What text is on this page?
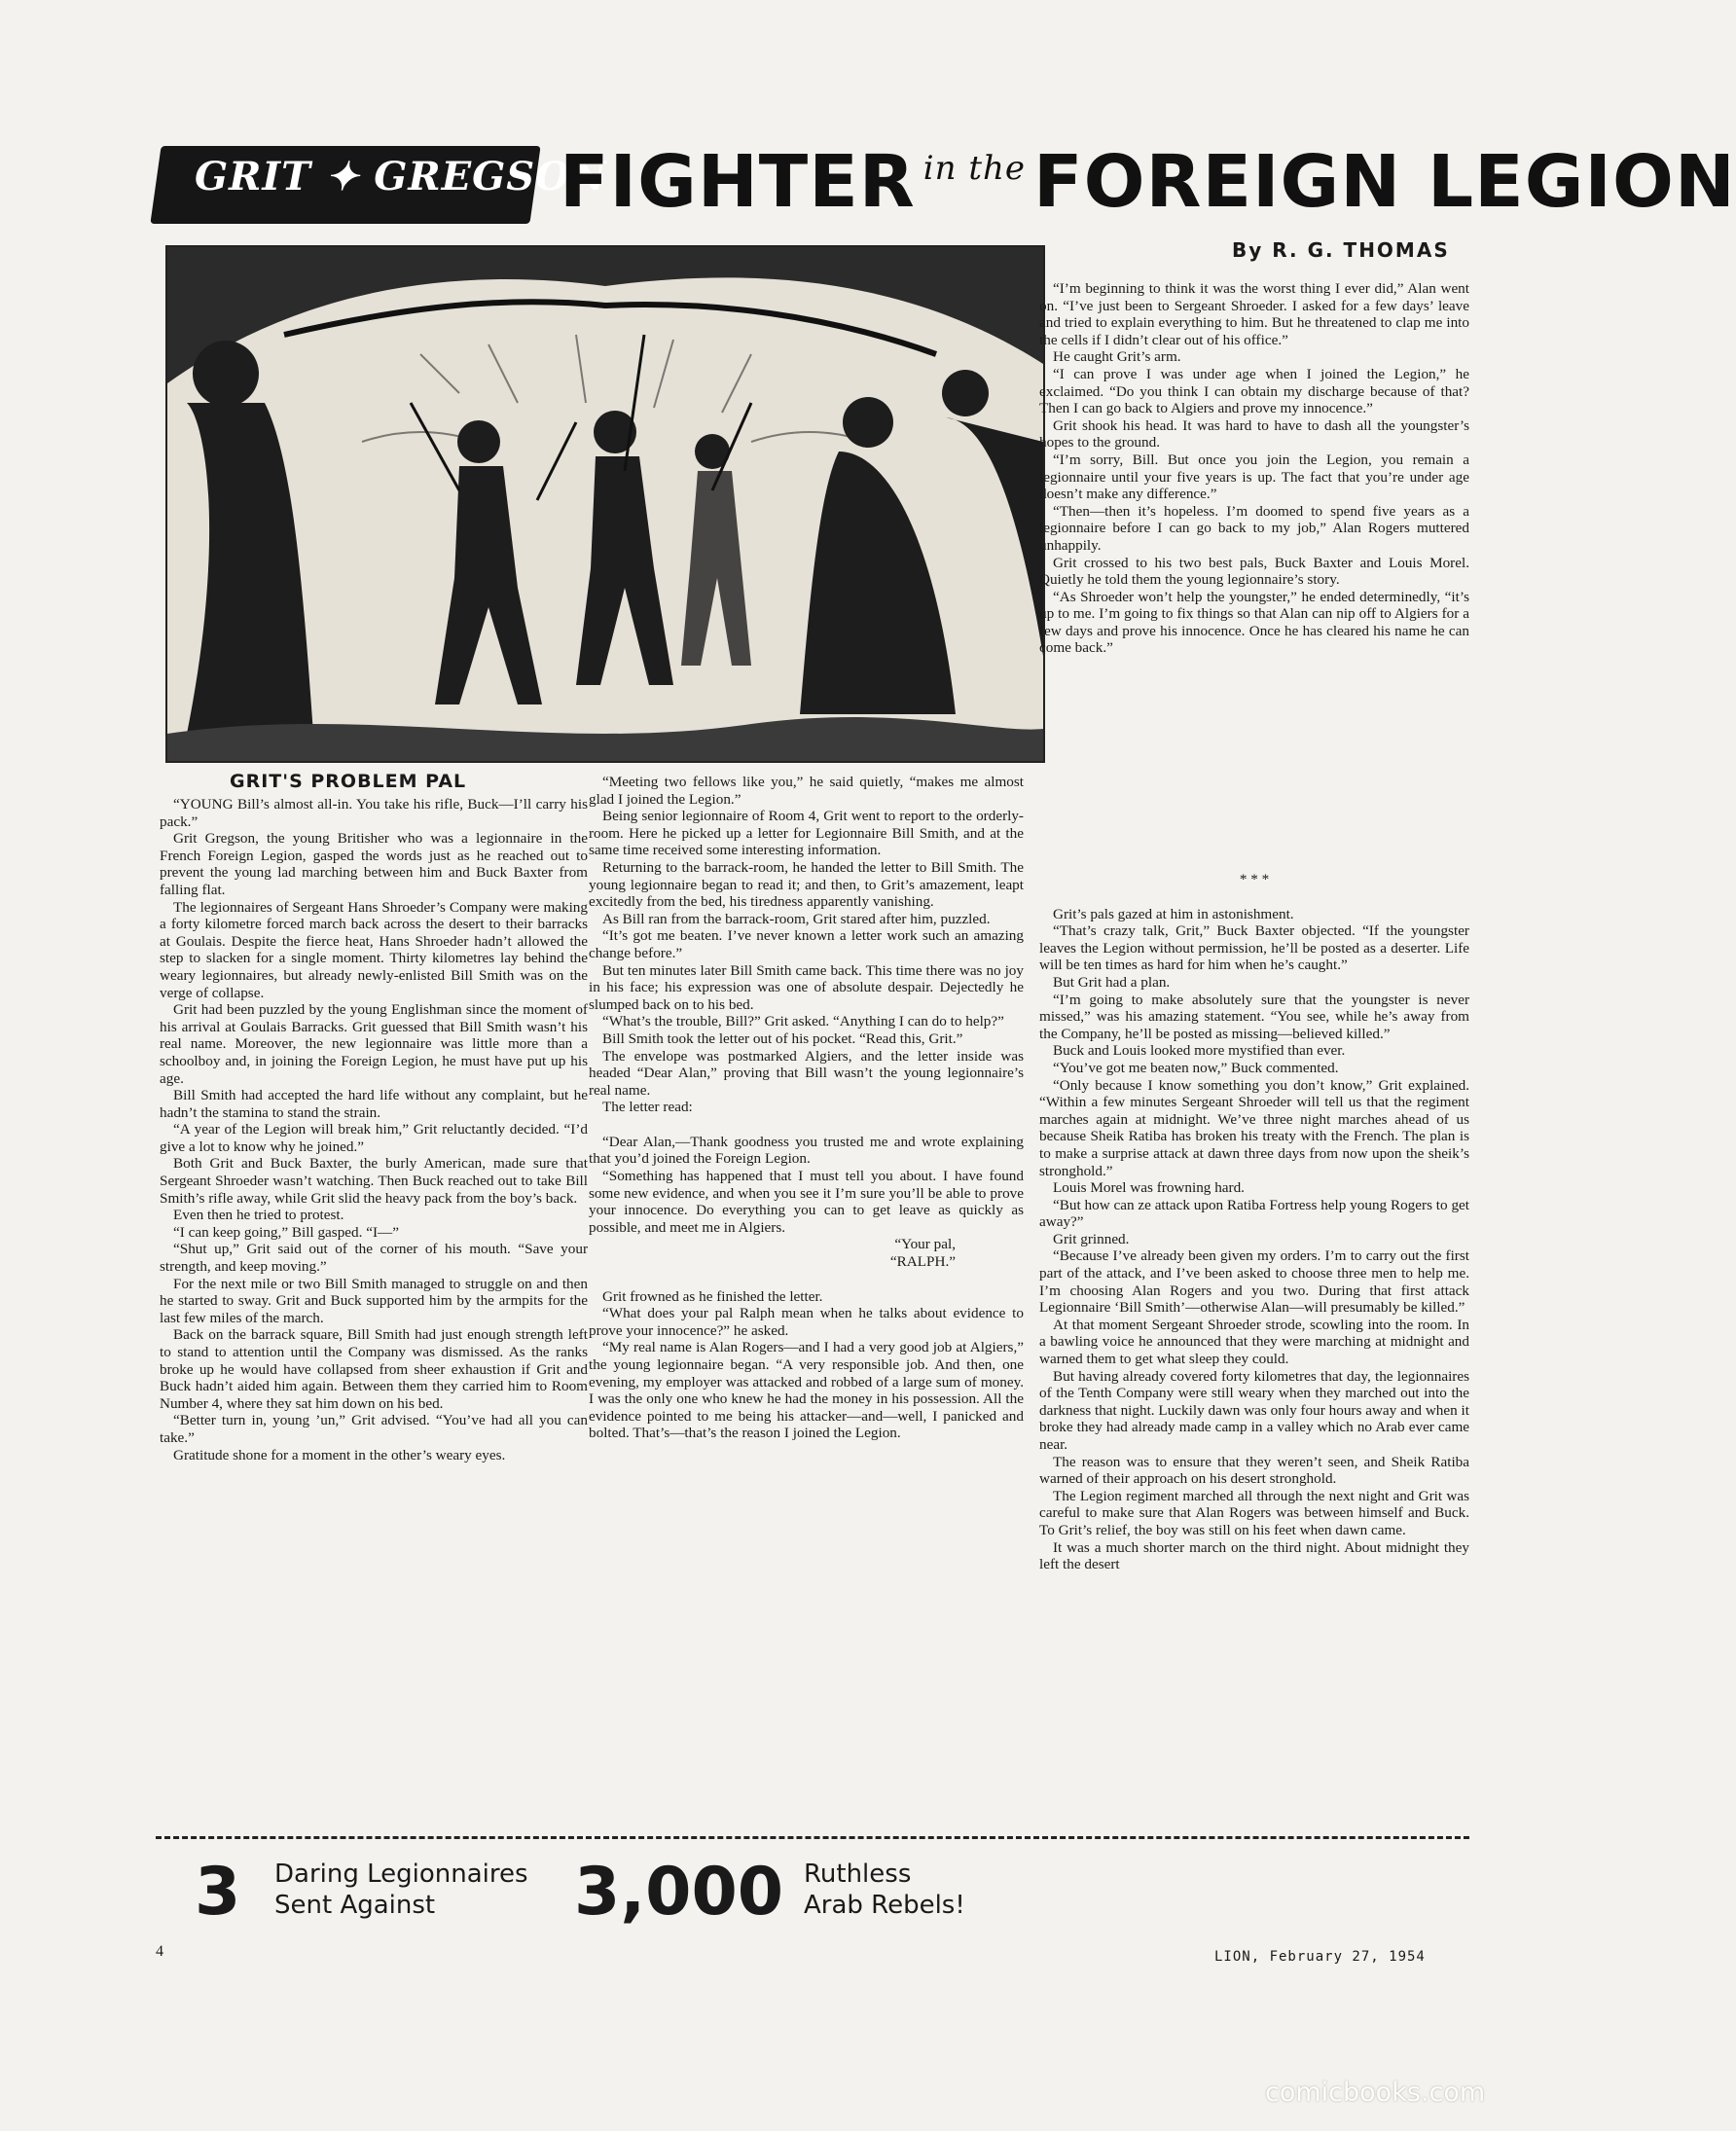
GRIT ✦ GREGSON
FIGHTER $^{in the}$ FOREIGN LEGION
By R. G. THOMAS
GRIT'S PROBLEM PAL

“YOUNG Bill’s almost all-in. You take his rifle, Buck—I’ll carry his pack.”

Grit Gregson, the young Britisher who was a legionnaire in the French Foreign Legion, gasped the words just as he reached out to prevent the young lad marching between him and Buck Baxter from falling flat.

The legionnaires of Sergeant Hans Shroeder’s Company were making a forty kilometre forced march back across the desert to their barracks at Goulais. Despite the fierce heat, Hans Shroeder hadn’t allowed the step to slacken for a single moment. Thirty kilometres lay behind the weary legionnaires, but already newly-enlisted Bill Smith was on the verge of collapse.

Grit had been puzzled by the young Englishman since the moment of his arrival at Goulais Barracks. Grit guessed that Bill Smith wasn’t his real name. Moreover, the new legionnaire was little more than a schoolboy and, in joining the Foreign Legion, he must have put up his age.

Bill Smith had accepted the hard life without any complaint, but he hadn’t the stamina to stand the strain.

“A year of the Legion will break him,” Grit reluctantly decided. “I’d give a lot to know why he joined.”

Both Grit and Buck Baxter, the burly American, made sure that Sergeant Shroeder wasn’t watching. Then Buck reached out to take Bill Smith’s rifle away, while Grit slid the heavy pack from the boy’s back.

Even then he tried to protest.

“I can keep going,” Bill gasped. “I—”

“Shut up,” Grit said out of the corner of his mouth. “Save your strength, and keep moving.”

For the next mile or two Bill Smith managed to struggle on and then he started to sway. Grit and Buck supported him by the armpits for the last few miles of the march.

Back on the barrack square, Bill Smith had just enough strength left to stand to attention until the Company was dismissed. As the ranks broke up he would have collapsed from sheer exhaustion if Grit and Buck hadn’t aided him again. Between them they carried him to Room Number 4, where they sat him down on his bed.

“Better turn in, young ’un,” Grit advised. “You’ve had all you can take.”

Gratitude shone for a moment in the other’s weary eyes.

“Meeting two fellows like you,” he said quietly, “makes me almost glad I joined the Legion.”

Being senior legionnaire of Room 4, Grit went to report to the orderly-room. Here he picked up a letter for Legionnaire Bill Smith, and at the same time received some interesting information.

Returning to the barrack-room, he handed the letter to Bill Smith. The young legionnaire began to read it; and then, to Grit’s amazement, leapt excitedly from the bed, his tiredness apparently vanishing.

As Bill ran from the barrack-room, Grit stared after him, puzzled.

“It’s got me beaten. I’ve never known a letter work such an amazing change before.”

But ten minutes later Bill Smith came back. This time there was no joy in his face; his expression was one of absolute despair. Dejectedly he slumped back on to his bed.

“What’s the trouble, Bill?” Grit asked. “Anything I can do to help?”

Bill Smith took the letter out of his pocket. “Read this, Grit.”

The envelope was postmarked Algiers, and the letter inside was headed “Dear Alan,” proving that Bill wasn’t the young legionnaire’s real name.

The letter read:

“Dear Alan,—Thank goodness you trusted me and wrote explaining that you’d joined the Foreign Legion.

“Something has happened that I must tell you about. I have found some new evidence, and when you see it I’m sure you’ll be able to prove your innocence. Do everything you can to get leave as quickly as possible, and meet me in Algiers.

“Your pal,

“RALPH.”

Grit frowned as he finished the letter.

“What does your pal Ralph mean when he talks about evidence to prove your innocence?” he asked.

“My real name is Alan Rogers—and I had a very good job at Algiers,” the young legionnaire began. “A very responsible job. And then, one evening, my employer was attacked and robbed of a large sum of money. I was the only one who knew he had the money in his possession. All the evidence pointed to me being his attacker—and—well, I panicked and bolted. That’s—that’s the reason I joined the Legion.

“I’m beginning to think it was the worst thing I ever did,” Alan went on. “I’ve just been to Sergeant Shroeder. I asked for a few days’ leave and tried to explain everything to him. But he threatened to clap me into the cells if I didn’t clear out of his office.”

He caught Grit’s arm.

“I can prove I was under age when I joined the Legion,” he exclaimed. “Do you think I can obtain my discharge because of that? Then I can go back to Algiers and prove my innocence.”

Grit shook his head. It was hard to have to dash all the youngster’s hopes to the ground.

“I’m sorry, Bill. But once you join the Legion, you remain a legionnaire until your five years is up. The fact that you’re under age doesn’t make any difference.”

“Then—then it’s hopeless. I’m doomed to spend five years as a legionnaire before I can go back to my job,” Alan Rogers muttered unhappily.

Grit crossed to his two best pals, Buck Baxter and Louis Morel. Quietly he told them the young legionnaire’s story.

“As Shroeder won’t help the youngster,” he ended determinedly, “it’s up to me. I’m going to fix things so that Alan can nip off to Algiers for a few days and prove his innocence. Once he has cleared his name he can come back.”

* * *

Grit’s pals gazed at him in astonishment.

“That’s crazy talk, Grit,” Buck Baxter objected. “If the youngster leaves the Legion without permission, he’ll be posted as a deserter. Life will be ten times as hard for him when he’s caught.”

But Grit had a plan.

“I’m going to make absolutely sure that the youngster is never missed,” was his amazing statement. “You see, while he’s away from the Company, he’ll be posted as missing—believed killed.”

Buck and Louis looked more mystified than ever.

“You’ve got me beaten now,” Buck commented.

“Only because I know something you don’t know,” Grit explained. “Within a few minutes Sergeant Shroeder will tell us that the regiment marches again at midnight. We’ve three night marches ahead of us because Sheik Ratiba has broken his treaty with the French. The plan is to make a surprise attack at dawn three days from now upon the sheik’s stronghold.”

Louis Morel was frowning hard.

“But how can ze attack upon Ratiba Fortress help young Rogers to get away?”

Grit grinned.

“Because I’ve already been given my orders. I’m to carry out the first part of the attack, and I’ve been asked to choose three men to help me. I’m choosing Alan Rogers and you two. During that first attack Legionnaire ‘Bill Smith’—otherwise Alan—will presumably be killed.”

At that moment Sergeant Shroeder strode, scowling into the room. In a bawling voice he announced that they were marching at midnight and warned them to get what sleep they could.

But having already covered forty kilometres that day, the legionnaires of the Tenth Company were still weary when they marched out into the darkness that night. Luckily dawn was only four hours away and when it broke they had already made camp in a valley which no Arab ever came near.

The reason was to ensure that they weren’t seen, and Sheik Ratiba warned of their approach on his desert stronghold.

The Legion regiment marched all through the next night and Grit was careful to make sure that Alan Rogers was between himself and Buck. To Grit’s relief, the boy was still on his feet when dawn came.

It was a much shorter march on the third night. About midnight they left the desert

3 Daring Legionnaires
Sent Against	3,000 Ruthless
Arab Rebels!
4	LION, February 27, 1954
comicbooks.com
